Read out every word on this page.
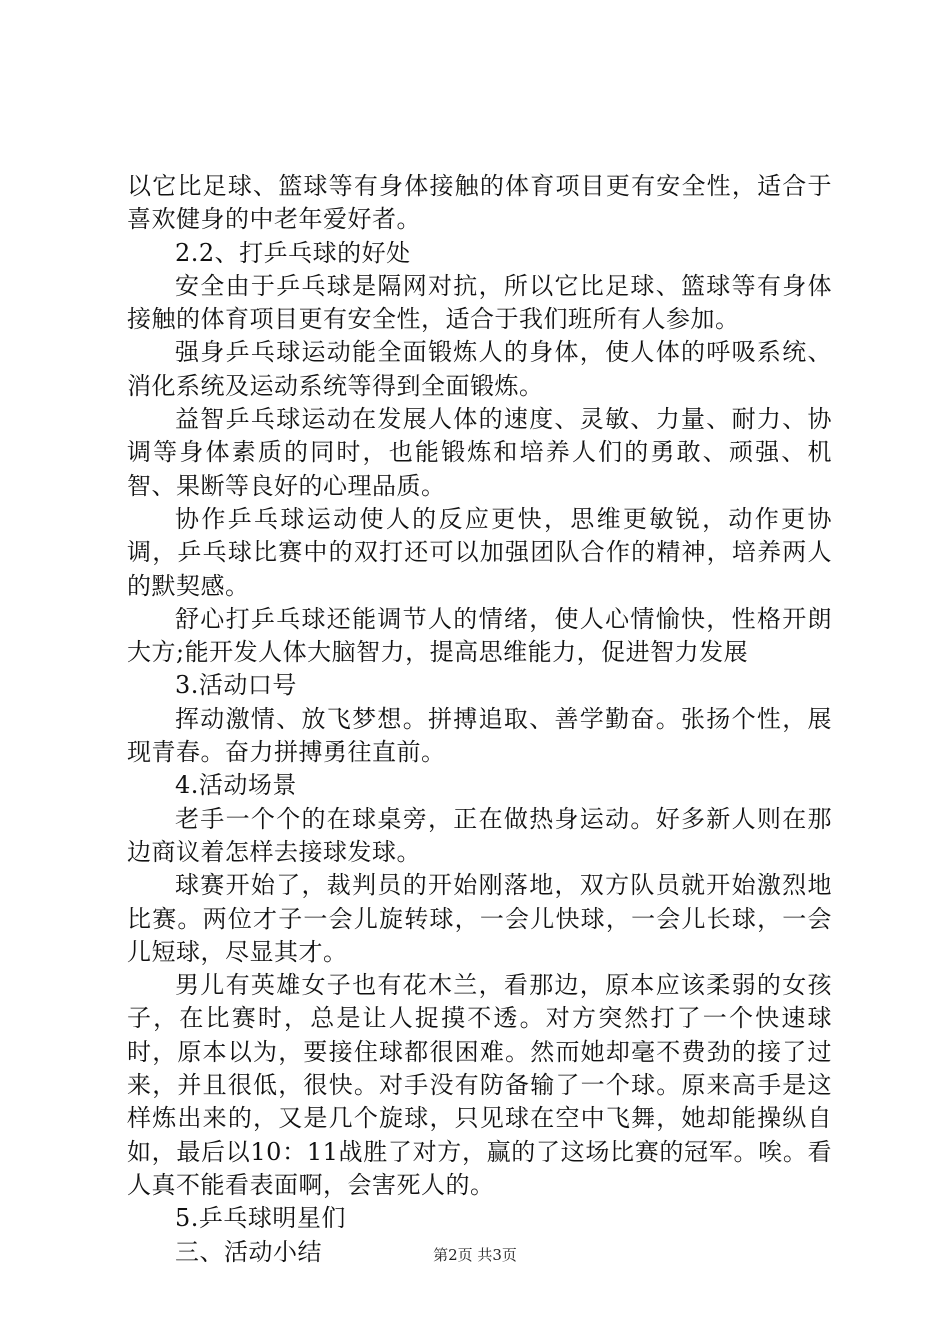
以它比足球、篮球等有身体接触的体育项目更有安全性，适合于喜欢健身的中老年爱好者。

2.2、打乒乓球的好处

安全由于乒乓球是隔网对抗，所以它比足球、篮球等有身体接触的体育项目更有安全性，适合于我们班所有人参加。

强身乒乓球运动能全面锻炼人的身体，使人体的呼吸系统、消化系统及运动系统等得到全面锻炼。

益智乒乓球运动在发展人体的速度、灵敏、力量、耐力、协调等身体素质的同时，也能锻炼和培养人们的勇敢、顽强、机智、果断等良好的心理品质。

协作乒乓球运动使人的反应更快，思维更敏锐，动作更协调，乒乓球比赛中的双打还可以加强团队合作的精神，培养两人的默契感。

舒心打乒乓球还能调节人的情绪，使人心情愉快，性格开朗大方;能开发人体大脑智力，提高思维能力，促进智力发展

3.活动口号

挥动激情、放飞梦想。拼搏追取、善学勤奋。张扬个性，展现青春。奋力拼搏勇往直前。

4.活动场景

老手一个个的在球桌旁，正在做热身运动。好多新人则在那边商议着怎样去接球发球。

球赛开始了，裁判员的开始刚落地，双方队员就开始激烈地比赛。两位才子一会儿旋转球，一会儿快球，一会儿长球，一会儿短球，尽显其才。

男儿有英雄女子也有花木兰，看那边，原本应该柔弱的女孩子，在比赛时，总是让人捉摸不透。对方突然打了一个快速球时，原本以为，要接住球都很困难。然而她却毫不费劲的接了过来，并且很低，很快。对手没有防备输了一个球。原来高手是这样炼出来的，又是几个旋球，只见球在空中飞舞，她却能操纵自如，最后以10：11战胜了对方，赢的了这场比赛的冠军。唉。看人真不能看表面啊，会害死人的。

5.乒乓球明星们

三、活动小结	第2页 共3页
